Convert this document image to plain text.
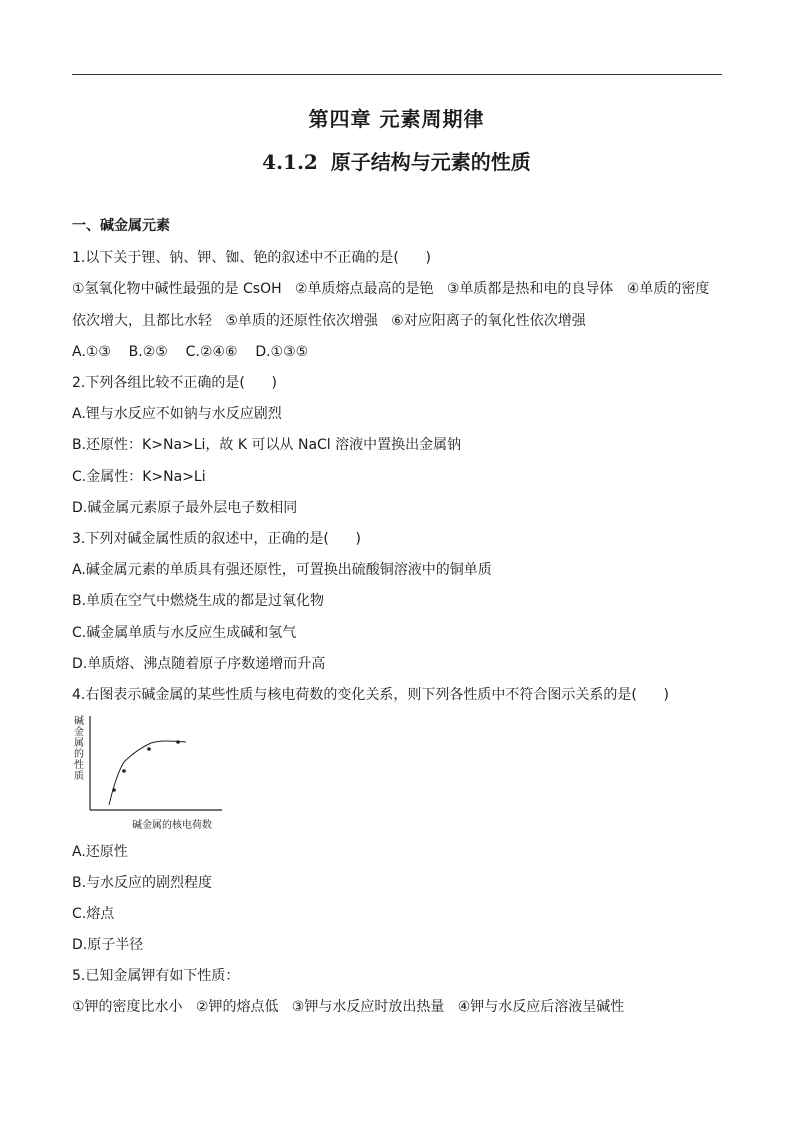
第四章 元素周期律
4.1.2 原子结构与元素的性质
一、碱金属元素
1.以下关于锂、钠、钾、铷、铯的叙述中不正确的是(      )
①氢氧化物中碱性最强的是 CsOH   ②单质熔点最高的是铯   ③单质都是热和电的良导体   ④单质的密度
依次增大，且都比水轻   ⑤单质的还原性依次增强   ⑥对应阳离子的氧化性依次增强
A.①③    B.②⑤    C.②④⑥    D.①③⑤
2.下列各组比较不正确的是(      )
A.锂与水反应不如钠与水反应剧烈
B.还原性：K>Na>Li，故 K 可以从 NaCl 溶液中置换出金属钠
C.金属性：K>Na>Li
D.碱金属元素原子最外层电子数相同
3.下列对碱金属性质的叙述中，正确的是(      )
A.碱金属元素的单质具有强还原性，可置换出硫酸铜溶液中的铜单质
B.单质在空气中燃烧生成的都是过氧化物
C.碱金属单质与水反应生成碱和氢气
D.单质熔、沸点随着原子序数递增而升高
4.右图表示碱金属的某些性质与核电荷数的变化关系，则下列各性质中不符合图示关系的是(      )
碱金属的性质
碱金属的核电荷数
A.还原性
B.与水反应的剧烈程度
C.熔点
D.原子半径
5.已知金属钾有如下性质：
①钾的密度比水小   ②钾的熔点低   ③钾与水反应时放出热量   ④钾与水反应后溶液呈碱性
